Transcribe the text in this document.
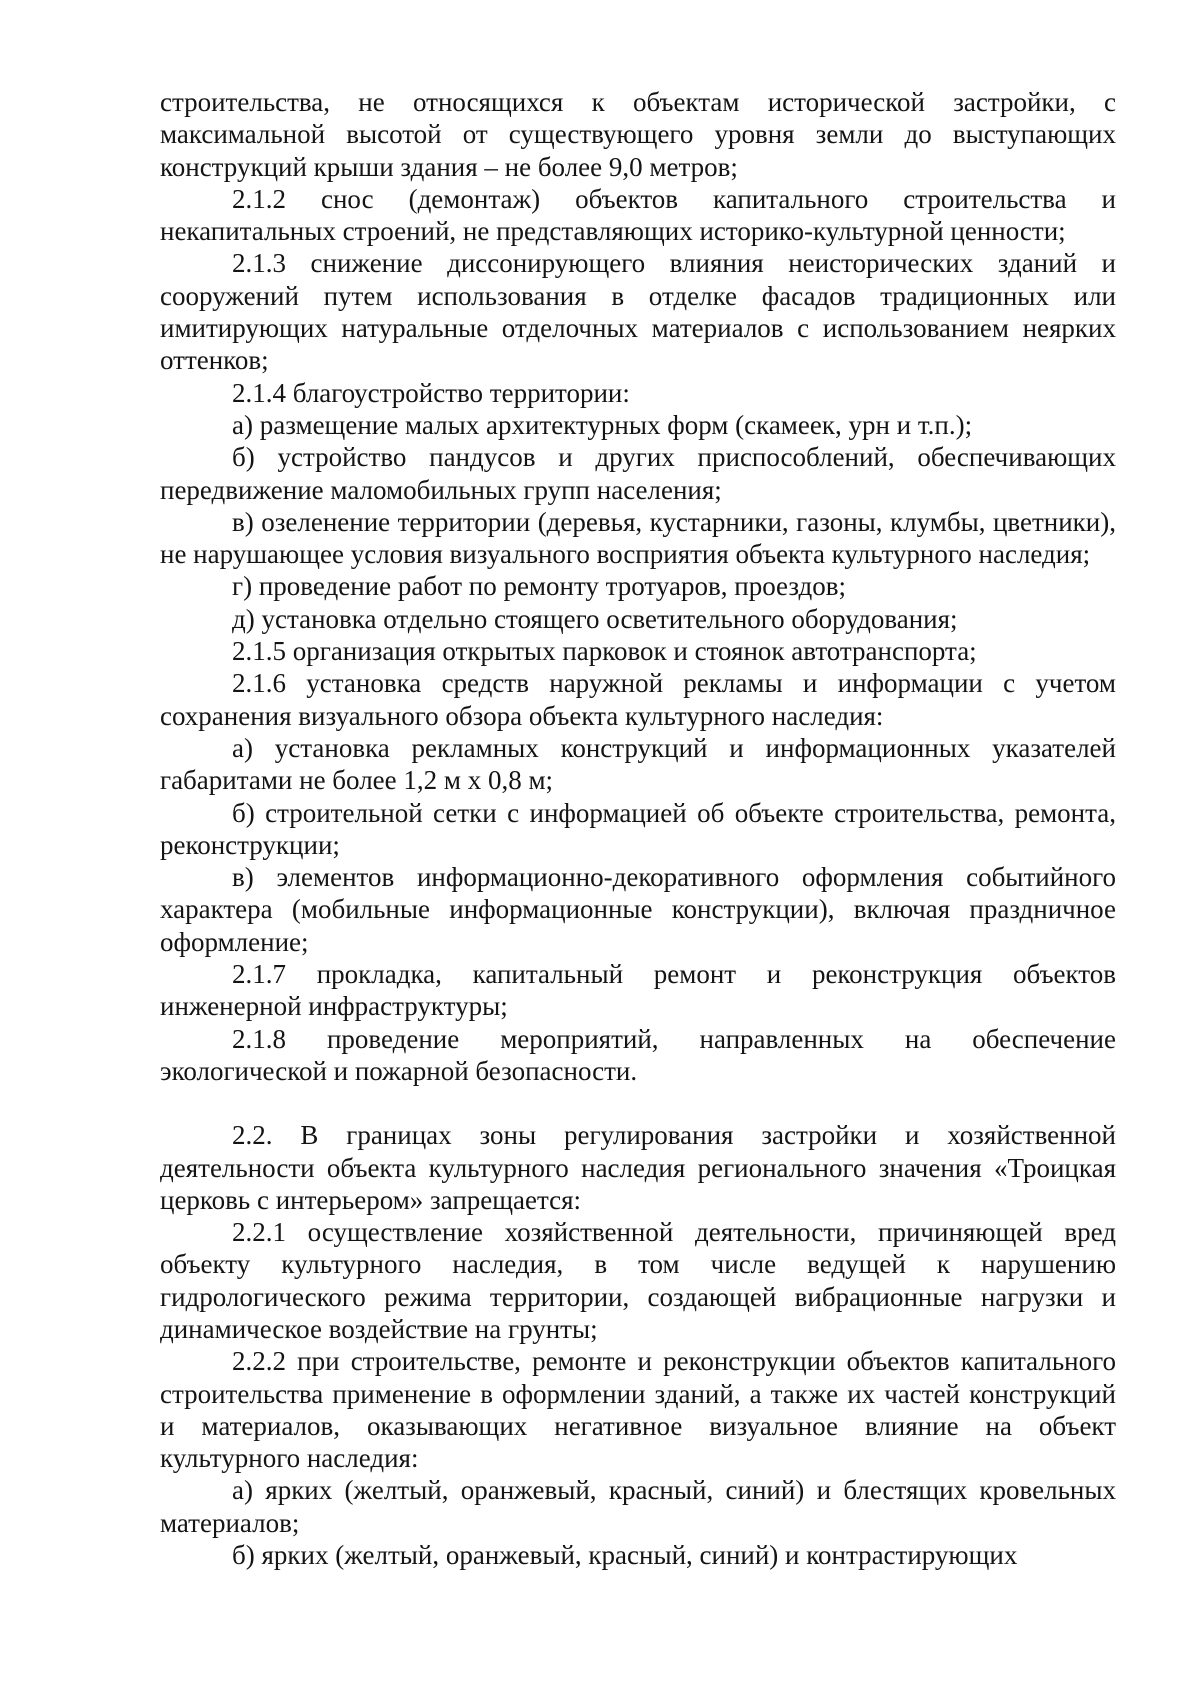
строительства, не относящихся к объектам исторической застройки, с максимальной высотой от существующего уровня земли до выступающих конструкций крыши здания – не более 9,0 метров;

2.1.2 снос (демонтаж) объектов капитального строительства и некапитальных строений, не представляющих историко-культурной ценности;

2.1.3 снижение диссонирующего влияния неисторических зданий и сооружений путем использования в отделке фасадов традиционных или имитирующих натуральные отделочных материалов с использованием неярких оттенков;

2.1.4 благоустройство территории:

а) размещение малых архитектурных форм (скамеек, урн и т.п.);

б) устройство пандусов и других приспособлений, обеспечивающих передвижение маломобильных групп населения;

в) озеленение территории (деревья, кустарники, газоны, клумбы, цветники), не нарушающее условия визуального восприятия объекта культурного наследия;

г) проведение работ по ремонту тротуаров, проездов;

д) установка отдельно стоящего осветительного оборудования;

2.1.5 организация открытых парковок и стоянок автотранспорта;

2.1.6 установка средств наружной рекламы и информации с учетом сохранения визуального обзора объекта культурного наследия:

а) установка рекламных конструкций и информационных указателей габаритами не более 1,2 м х 0,8 м;

б) строительной сетки с информацией об объекте строительства, ремонта, реконструкции;

в) элементов информационно-декоративного оформления событийного характера (мобильные информационные конструкции), включая праздничное оформление;

2.1.7 прокладка, капитальный ремонт и реконструкция объектов инженерной инфраструктуры;

2.1.8 проведение мероприятий, направленных на обеспечение экологической и пожарной безопасности.

2.2. В границах зоны регулирования застройки и хозяйственной деятельности объекта культурного наследия регионального значения «Троицкая церковь с интерьером» запрещается:

2.2.1 осуществление хозяйственной деятельности, причиняющей вред объекту культурного наследия, в том числе ведущей к нарушению гидрологического режима территории, создающей вибрационные нагрузки и динамическое воздействие на грунты;

2.2.2 при строительстве, ремонте и реконструкции объектов капитального строительства применение в оформлении зданий, а также их частей конструкций и материалов, оказывающих негативное визуальное влияние на объект культурного наследия:

а) ярких (желтый, оранжевый, красный, синий) и блестящих кровельных материалов;

б) ярких (желтый, оранжевый, красный, синий) и контрастирующих
